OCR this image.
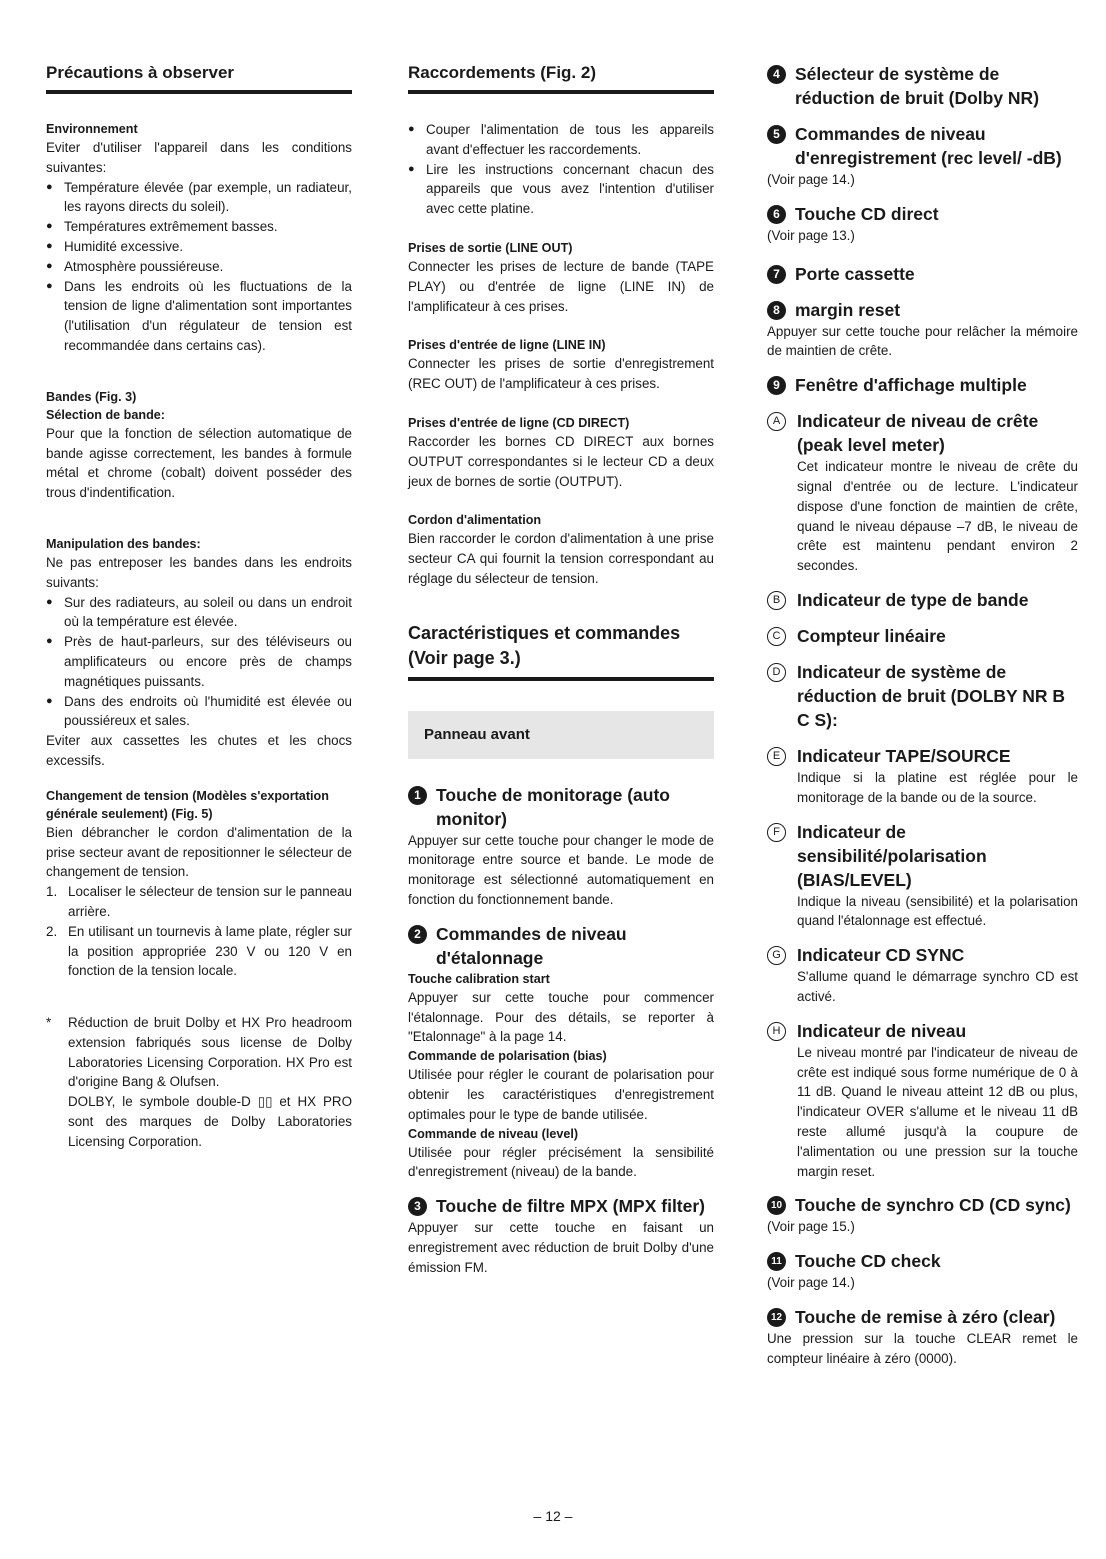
Précautions à observer
Environnement

Eviter d'utiliser l'appareil dans les conditions suivantes:

● Température élevée (par exemple, un radiateur, les rayons directs du soleil).
● Températures extrêmement basses.
● Humidité excessive.
● Atmosphère poussiéreuse.
● Dans les endroits où les fluctuations de la tension de ligne d'alimentation sont importantes (l'utilisation d'un régulateur de tension est recommandée dans certains cas).
Bandes (Fig. 3)
Sélection de bande:

Pour que la fonction de sélection automatique de bande agisse correctement, les bandes à formule métal et chrome (cobalt) doivent posséder des trous d'indentification.

Manipulation des bandes:

Ne pas entreposer les bandes dans les endroits suivants:

● Sur des radiateurs, au soleil ou dans un endroit où la température est élevée.
● Près de haut-parleurs, sur des téléviseurs ou amplificateurs ou encore près de champs magnétiques puissants.
● Dans des endroits où l'humidité est élevée ou poussiéreux et sales.

Eviter aux cassettes les chutes et les chocs excessifs.

Changement de tension (Modèles s'exportation générale seulement) (Fig. 5)

Bien débrancher le cordon d'alimentation de la prise secteur avant de repositionner le sélecteur de changement de tension.

1. Localiser le sélecteur de tension sur le panneau arrière.
2. En utilisant un tournevis à lame plate, régler sur la position appropriée 230 V ou 120 V en fonction de la tension locale.
* Réduction de bruit Dolby et HX Pro headroom extension fabriqués sous license de Dolby Laboratories Licensing Corporation. HX Pro est d'origine Bang & Olufsen.

DOLBY, le symbole double-D ▯▯ et HX PRO sont des marques de Dolby Laboratories Licensing Corporation.

Raccordements (Fig. 2)
● Couper l'alimentation de tous les appareils avant d'effectuer les raccordements.
● Lire les instructions concernant chacun des appareils que vous avez l'intention d'utiliser avec cette platine.
Prises de sortie (LINE OUT)

Connecter les prises de lecture de bande (TAPE PLAY) ou d'entrée de ligne (LINE IN) de l'amplificateur à ces prises.

Prises d'entrée de ligne (LINE IN)

Connecter les prises de sortie d'enregistrement (REC OUT) de l'amplificateur à ces prises.

Prises d'entrée de ligne (CD DIRECT)

Raccorder les bornes CD DIRECT aux bornes OUTPUT correspondantes si le lecteur CD a deux jeux de bornes de sortie (OUTPUT).

Cordon d'alimentation

Bien raccorder le cordon d'alimentation à une prise secteur CA qui fournit la tension correspondant au réglage du sélecteur de tension.

Caractéristiques et commandes (Voir page 3.)
Panneau avant
1 Touche de monitorage (auto monitor)

Appuyer sur cette touche pour changer le mode de monitorage entre source et bande. Le mode de monitorage est sélectionné automatiquement en fonction du fonctionnement bande.

2 Commandes de niveau d'étalonnage
Touche calibration start

Appuyer sur cette touche pour commencer l'étalonnage. Pour des détails, se reporter à "Etalonnage" à la page 14.

Commande de polarisation (bias)

Utilisée pour régler le courant de polarisation pour obtenir les caractéristiques d'enregistrement optimales pour le type de bande utilisée.

Commande de niveau (level)

Utilisée pour régler précisément la sensibilité d'enregistrement (niveau) de la bande.

3 Touche de filtre MPX (MPX filter)

Appuyer sur cette touche en faisant un enregistrement avec réduction de bruit Dolby d'une émission FM.

4 Sélecteur de système de réduction de bruit (Dolby NR)
5 Commandes de niveau d'enregistrement (rec level/ -dB)

(Voir page 14.)

6 Touche CD direct

(Voir page 13.)

7 Porte cassette
8 margin reset

Appuyer sur cette touche pour relâcher la mémoire de maintien de crête.

9 Fenêtre d'affichage multiple
A Indicateur de niveau de crête (peak level meter)

Cet indicateur montre le niveau de crête du signal d'entrée ou de lecture. L'indicateur dispose d'une fonction de maintien de crête, quand le niveau dépause –7 dB, le niveau de crête est maintenu pendant environ 2 secondes.

B Indicateur de type de bande
C Compteur linéaire
D Indicateur de système de réduction de bruit (DOLBY NR B C S):
E Indicateur TAPE/SOURCE

Indique si la platine est réglée pour le monitorage de la bande ou de la source.

F Indicateur de sensibilité/polarisation (BIAS/LEVEL)

Indique la niveau (sensibilité) et la polarisation quand l'étalonnage est effectué.

G Indicateur CD SYNC

S'allume quand le démarrage synchro CD est activé.

H Indicateur de niveau

Le niveau montré par l'indicateur de niveau de crête est indiqué sous forme numérique de 0 à 11 dB. Quand le niveau atteint 12 dB ou plus, l'indicateur OVER s'allume et le niveau 11 dB reste allumé jusqu'à la coupure de l'alimentation ou une pression sur la touche margin reset.

10 Touche de synchro CD (CD sync)

(Voir page 15.)

11 Touche CD check

(Voir page 14.)

12 Touche de remise à zéro (clear)

Une pression sur la touche CLEAR remet le compteur linéaire à zéro (0000).

– 12 –
